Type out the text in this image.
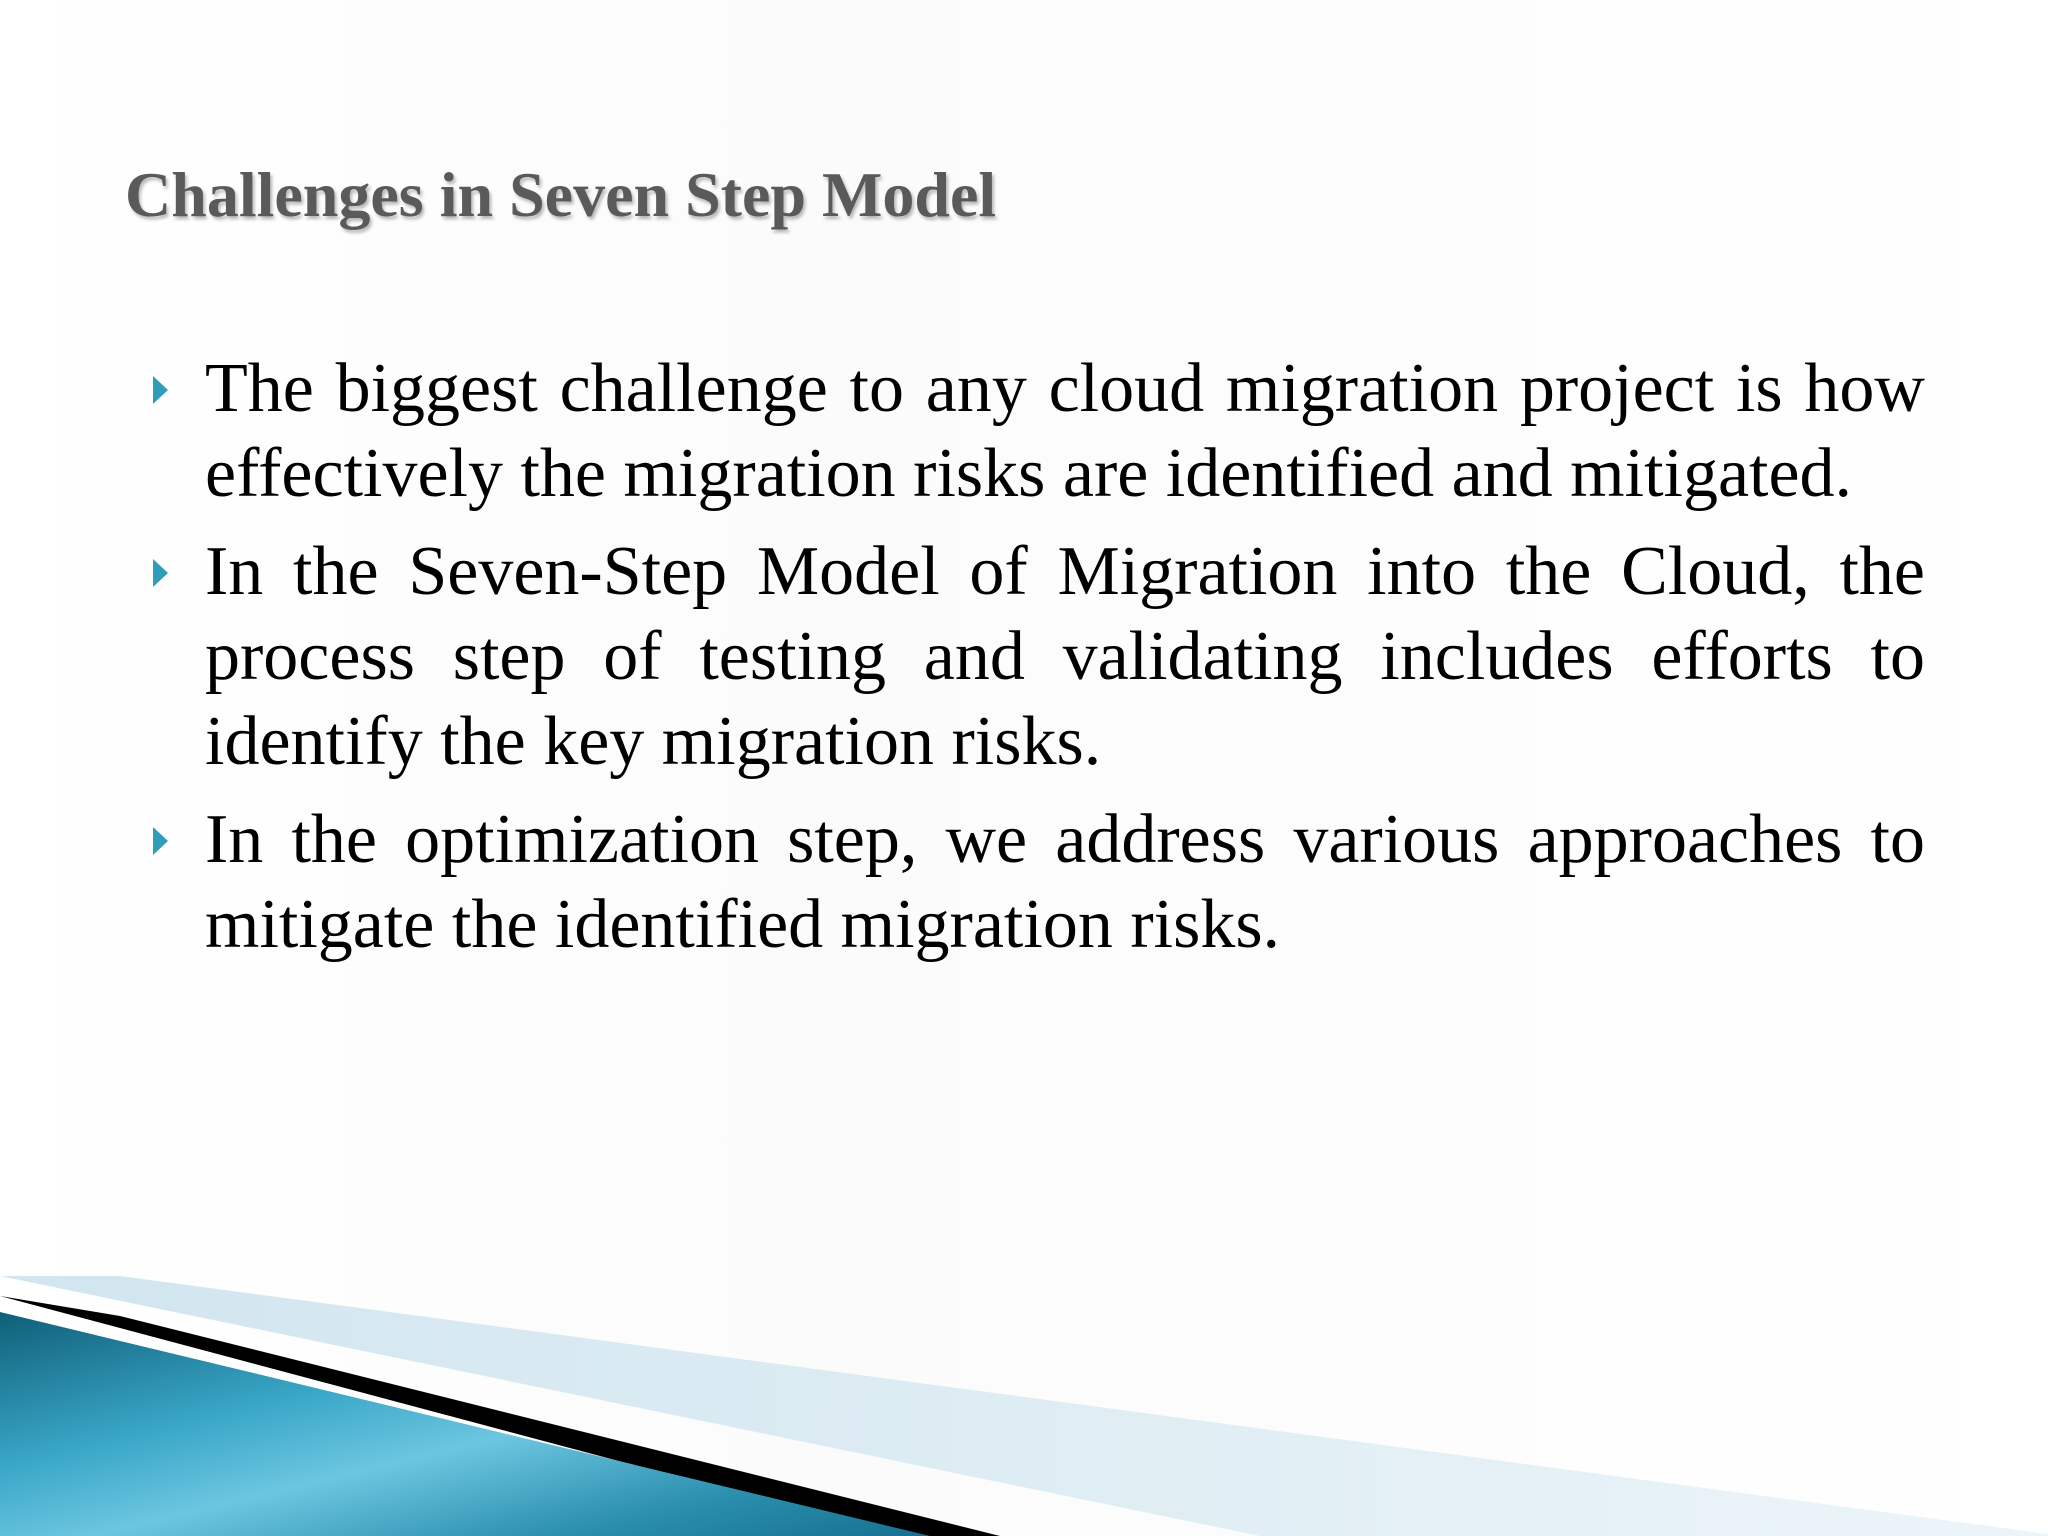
Challenges in Seven Step Model
The biggest challenge to any cloud migration project is how effectively the migration risks are identified and mitigated.
In the Seven-Step Model of Migration into the Cloud, the process step of testing and validating includes efforts to identify the key migration risks.
In the optimization step, we address various approaches to mitigate the identified migration risks.
